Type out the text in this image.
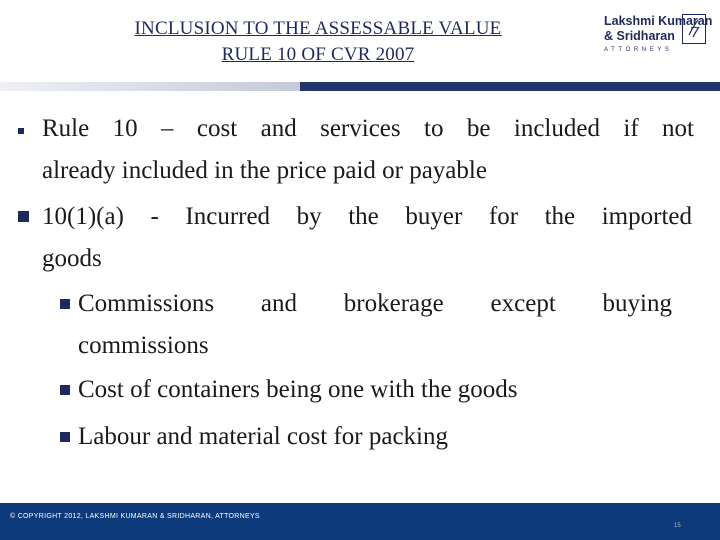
INCLUSION TO THE ASSESSABLE VALUE
RULE 10 OF CVR 2007
Lakshmi Kumaran
& Sridharan
ATTORNEYS
Rule 10 – cost and services to be included if not
already included in the price paid or payable
10(1)(a) - Incurred by the buyer for the imported
goods
Commissions and brokerage except buying
commissions
Cost of containers being one with the goods
Labour and material cost for packing
© COPYRIGHT 2012, LAKSHMI KUMARAN & SRIDHARAN, ATTORNEYS
15
